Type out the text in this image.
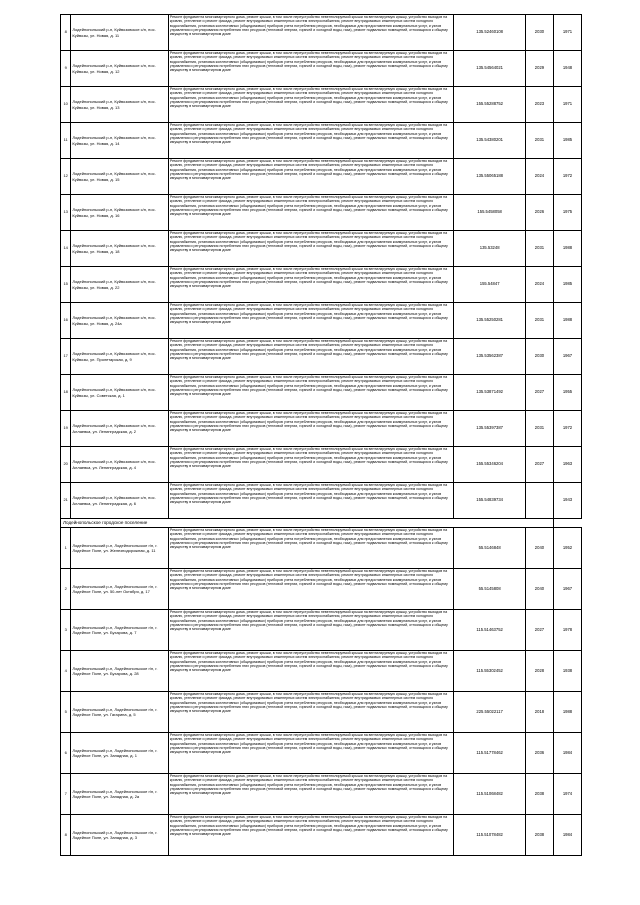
8	Лодейнопольский р-н, Куйвозовское с/п, пос. Куйвозы, ул. Новая, д. 11	Ремонт фундамента многоквартирного дома, ремонт крыши, в том числе переустройство невентилируемой крыши на вентилируемую крышу, устройство выходов на кровлю, утепление и ремонт фасада, ремонт внутридомовых инженерных систем электроснабжения, ремонт внутридомовых инженерных систем холодного водоснабжения, установка коллективных (общедомовых) приборов учета потребления ресурсов, необходимых для предоставления коммунальных услуг, и узлов управления и регулирования потребления этих ресурсов (тепловой энергии, горячей и холодной воды, газа), ремонт подвальных помещений, относящихся к общему имуществу в многоквартирном доме	135.52460108	2030	1971
9	Лодейнопольский р-н, Куйвозовское с/п, пос. Куйвозы, ул. Новая, д. 12	Ремонт фундамента многоквартирного дома, ремонт крыши, в том числе переустройство невентилируемой крыши на вентилируемую крышу, устройство выходов на кровлю, утепление и ремонт фасада, ремонт внутридомовых инженерных систем электроснабжения, ремонт внутридомовых инженерных систем холодного водоснабжения, установка коллективных (общедомовых) приборов учета потребления ресурсов, необходимых для предоставления коммунальных услуг, и узлов управления и регулирования потребления этих ресурсов (тепловой энергии, горячей и холодной воды, газа), ремонт подвальных помещений, относящихся к общему имуществу в многоквартирном доме	135.54564021	2029	1948
10	Лодейнопольский р-н, Куйвозовское с/п, пос. Куйвозы, ул. Новая, д. 13	Ремонт фундамента многоквартирного дома, ремонт крыши, в том числе переустройство невентилируемой крыши на вентилируемую крышу, устройство выходов на кровлю, утепление и ремонт фасада, ремонт внутридомовых инженерных систем электроснабжения, ремонт внутридомовых инженерных систем холодного водоснабжения, установка коллективных (общедомовых) приборов учета потребления ресурсов, необходимых для предоставления коммунальных услуг, и узлов управления и регулирования потребления этих ресурсов (тепловой энергии, горячей и холодной воды, газа), ремонт подвальных помещений, относящихся к общему имуществу в многоквартирном доме	155.55288752	2023	1971
11	Лодейнопольский р-н, Куйвозовское с/п, пос. Куйвозы, ул. Новая, д. 14	Ремонт фундамента многоквартирного дома, ремонт крыши, в том числе переустройство невентилируемой крыши на вентилируемую крышу, устройство выходов на кровлю, утепление и ремонт фасада, ремонт внутридомовых инженерных систем электроснабжения, ремонт внутридомовых инженерных систем холодного водоснабжения, установка коллективных (общедомовых) приборов учета потребления ресурсов, необходимых для предоставления коммунальных услуг, и узлов управления и регулирования потребления этих ресурсов (тепловой энергии, горячей и холодной воды, газа), ремонт подвальных помещений, относящихся к общему имуществу в многоквартирном доме	135.54380201	2031	1985
12	Лодейнопольский р-н, Куйвозовское с/п, пос. Куйвозы, ул. Новая, д. 15	Ремонт фундамента многоквартирного дома, ремонт крыши, в том числе переустройство невентилируемой крыши на вентилируемую крышу, устройство выходов на кровлю, утепление и ремонт фасада, ремонт внутридомовых инженерных систем электроснабжения, ремонт внутридомовых инженерных систем холодного водоснабжения, установка коллективных (общедомовых) приборов учета потребления ресурсов, необходимых для предоставления коммунальных услуг, и узлов управления и регулирования потребления этих ресурсов (тепловой энергии, горячей и холодной воды, газа), ремонт подвальных помещений, относящихся к общему имуществу в многоквартирном доме	135.55065188	2024	1972
13	Лодейнопольский р-н, Куйвозовское с/п, пос. Куйвозы, ул. Новая, д. 16	Ремонт фундамента многоквартирного дома, ремонт крыши, в том числе переустройство невентилируемой крыши на вентилируемую крышу, устройство выходов на кровлю, утепление и ремонт фасада, ремонт внутридомовых инженерных систем электроснабжения, ремонт внутридомовых инженерных систем холодного водоснабжения, установка коллективных (общедомовых) приборов учета потребления ресурсов, необходимых для предоставления коммунальных услуг, и узлов управления и регулирования потребления этих ресурсов (тепловой энергии, горячей и холодной воды, газа), ремонт подвальных помещений, относящихся к общему имуществу в многоквартирном доме	155.5458058	2026	1975
14	Лодейнопольский р-н, Куйвозовское с/п, пос. Куйвозы, ул. Новая, д. 18	Ремонт фундамента многоквартирного дома, ремонт крыши, в том числе переустройство невентилируемой крыши на вентилируемую крышу, устройство выходов на кровлю, утепление и ремонт фасада, ремонт внутридомовых инженерных систем электроснабжения, ремонт внутридомовых инженерных систем холодного водоснабжения, установка коллективных (общедомовых) приборов учета потребления ресурсов, необходимых для предоставления коммунальных услуг, и узлов управления и регулирования потребления этих ресурсов (тепловой энергии, горячей и холодной воды, газа), ремонт подвальных помещений, относящихся к общему имуществу в многоквартирном доме	135.53248	2031	1988
15	Лодейнопольский р-н, Куйвозовское с/п, пос. Куйвозы, ул. Новая, д. 22	Ремонт фундамента многоквартирного дома, ремонт крыши, в том числе переустройство невентилируемой крыши на вентилируемую крышу, устройство выходов на кровлю, утепление и ремонт фасада, ремонт внутридомовых инженерных систем электроснабжения, ремонт внутридомовых инженерных систем холодного водоснабжения, установка коллективных (общедомовых) приборов учета потребления ресурсов, необходимых для предоставления коммунальных услуг, и узлов управления и регулирования потребления этих ресурсов (тепловой энергии, горячей и холодной воды, газа), ремонт подвальных помещений, относящихся к общему имуществу в многоквартирном доме	155.54847	2024	1985
16	Лодейнопольский р-н, Куйвозовское с/п, пос. Куйвозы, ул. Новая, д. 24а	Ремонт фундамента многоквартирного дома, ремонт крыши, в том числе переустройство невентилируемой крыши на вентилируемую крышу, устройство выходов на кровлю, утепление и ремонт фасада, ремонт внутридомовых инженерных систем электроснабжения, ремонт внутридомовых инженерных систем холодного водоснабжения, установка коллективных (общедомовых) приборов учета потребления ресурсов, необходимых для предоставления коммунальных услуг, и узлов управления и регулирования потребления этих ресурсов (тепловой энергии, горячей и холодной воды, газа), ремонт подвальных помещений, относящихся к общему имуществу в многоквартирном доме	135.55250281	2031	1988
17	Лодейнопольский р-н, Куйвозовское с/п, пос. Куйвозы, ул. Пролетарская, д. 9	Ремонт фундамента многоквартирного дома, ремонт крыши, в том числе переустройство невентилируемой крыши на вентилируемую крышу, устройство выходов на кровлю, утепление и ремонт фасада, ремонт внутридомовых инженерных систем электроснабжения, ремонт внутридомовых инженерных систем холодного водоснабжения, установка коллективных (общедомовых) приборов учета потребления ресурсов, необходимых для предоставления коммунальных услуг, и узлов управления и регулирования потребления этих ресурсов (тепловой энергии, горячей и холодной воды, газа), ремонт подвальных помещений, относящихся к общему имуществу в многоквартирном доме	135.53562387	2030	1967
18	Лодейнопольский р-н, Куйвозовское с/п, пос. Куйвозы, ул. Советская, д. 1	Ремонт фундамента многоквартирного дома, ремонт крыши, в том числе переустройство невентилируемой крыши на вентилируемую крышу, устройство выходов на кровлю, утепление и ремонт фасада, ремонт внутридомовых инженерных систем электроснабжения, ремонт внутридомовых инженерных систем холодного водоснабжения, установка коллективных (общедомовых) приборов учета потребления ресурсов, необходимых для предоставления коммунальных услуг, и узлов управления и регулирования потребления этих ресурсов (тепловой энергии, горячей и холодной воды, газа), ремонт подвальных помещений, относящихся к общему имуществу в многоквартирном доме	135.53871492	2027	1955
19	Лодейнопольский р-н, Куйвозовское с/п, пос. Аллаевка, ул. Ленинградская, д. 2	Ремонт фундамента многоквартирного дома, ремонт крыши, в том числе переустройство невентилируемой крыши на вентилируемую крышу, устройство выходов на кровлю, утепление и ремонт фасада, ремонт внутридомовых инженерных систем электроснабжения, ремонт внутридомовых инженерных систем холодного водоснабжения, установка коллективных (общедомовых) приборов учета потребления ресурсов, необходимых для предоставления коммунальных услуг, и узлов управления и регулирования потребления этих ресурсов (тепловой энергии, горячей и холодной воды, газа), ремонт подвальных помещений, относящихся к общему имуществу в многоквартирном доме	135.55397387	2031	1972
20	Лодейнопольский р-н, Куйвозовское с/п, пос. Аллаевка, ул. Ленинградская, д. 4	Ремонт фундамента многоквартирного дома, ремонт крыши, в том числе переустройство невентилируемой крыши на вентилируемую крышу, устройство выходов на кровлю, утепление и ремонт фасада, ремонт внутридомовых инженерных систем электроснабжения, ремонт внутридомовых инженерных систем холодного водоснабжения, установка коллективных (общедомовых) приборов учета потребления ресурсов, необходимых для предоставления коммунальных услуг, и узлов управления и регулирования потребления этих ресурсов (тепловой энергии, горячей и холодной воды, газа), ремонт подвальных помещений, относящихся к общему имуществу в многоквартирном доме	155.55346204	2027	1963
21	Лодейнопольский р-н, Куйвозовское с/п, пос. Аллаевка, ул. Ленинградская, д. 6	Ремонт фундамента многоквартирного дома, ремонт крыши, в том числе переустройство невентилируемой крыши на вентилируемую крышу, устройство выходов на кровлю, утепление и ремонт фасада, ремонт внутридомовых инженерных систем электроснабжения, ремонт внутридомовых инженерных систем холодного водоснабжения, установка коллективных (общедомовых) приборов учета потребления ресурсов, необходимых для предоставления коммунальных услуг, и узлов управления и регулирования потребления этих ресурсов (тепловой энергии, горячей и холодной воды, газа), ремонт подвальных помещений, относящихся к общему имуществу в многоквартирном доме	155.54839734		1943
Лодейнопольское городское поселение					
1	Лодейнопольский р-н, Лодейнопольское г/п, г. Лодейное Поле, ул. Железнодорожная, д. 11	Ремонт фундамента многоквартирного дома, ремонт крыши, в том числе переустройство невентилируемой крыши на вентилируемую крышу, устройство выходов на кровлю, утепление и ремонт фасада, ремонт внутридомовых инженерных систем электроснабжения, ремонт внутридомовых инженерных систем холодного водоснабжения, установка коллективных (общедомовых) приборов учета потребления ресурсов, необходимых для предоставления коммунальных услуг, и узлов управления и регулирования потребления этих ресурсов (тепловой энергии, горячей и холодной воды, газа), ремонт подвальных помещений, относящихся к общему имуществу в многоквартирном доме	55.5146848	2040	1952
2	Лодейнопольский р-н, Лодейнопольское г/п, г. Лодейное Поле, ул. 50-лет Октября, д. 17	Ремонт фундамента многоквартирного дома, ремонт крыши, в том числе переустройство невентилируемой крыши на вентилируемую крышу, устройство выходов на кровлю, утепление и ремонт фасада, ремонт внутридомовых инженерных систем электроснабжения, ремонт внутридомовых инженерных систем холодного водоснабжения, установка коллективных (общедомовых) приборов учета потребления ресурсов, необходимых для предоставления коммунальных услуг, и узлов управления и регулирования потребления этих ресурсов (тепловой энергии, горячей и холодной воды, газа), ремонт подвальных помещений, относящихся к общему имуществу в многоквартирном доме	55.5145808	2040	1967
3	Лодейнопольский р-н, Лодейнопольское г/п, г. Лодейное Поле, ул. Бухарова, д. 7	Ремонт фундамента многоквартирного дома, ремонт крыши, в том числе переустройство невентилируемой крыши на вентилируемую крышу, устройство выходов на кровлю, утепление и ремонт фасада, ремонт внутридомовых инженерных систем электроснабжения, ремонт внутридомовых инженерных систем холодного водоснабжения, установка коллективных (общедомовых) приборов учета потребления ресурсов, необходимых для предоставления коммунальных услуг, и узлов управления и регулирования потребления этих ресурсов (тепловой энергии, горячей и холодной воды, газа), ремонт подвальных помещений, относящихся к общему имуществу в многоквартирном доме	115.51463752	2027	1978
4	Лодейнопольский р-н, Лодейнопольское г/п, г. Лодейное Поле, ул. Бухарова, д. 28	Ремонт фундамента многоквартирного дома, ремонт крыши, в том числе переустройство невентилируемой крыши на вентилируемую крышу, устройство выходов на кровлю, утепление и ремонт фасада, ремонт внутридомовых инженерных систем электроснабжения, ремонт внутридомовых инженерных систем холодного водоснабжения, установка коллективных (общедомовых) приборов учета потребления ресурсов, необходимых для предоставления коммунальных услуг, и узлов управления и регулирования потребления этих ресурсов (тепловой энергии, горячей и холодной воды, газа), ремонт подвальных помещений, относящихся к общему имуществу в многоквартирном доме	115.55302452	2028	1938
5	Лодейнопольский р-н, Лодейнопольское г/п, г. Лодейное Поле, ул. Гагарина, д. 5	Ремонт фундамента многоквартирного дома, ремонт крыши, в том числе переустройство невентилируемой крыши на вентилируемую крышу, устройство выходов на кровлю, утепление и ремонт фасада, ремонт внутридомовых инженерных систем электроснабжения, ремонт внутридомовых инженерных систем холодного водоснабжения, установка коллективных (общедомовых) приборов учета потребления ресурсов, необходимых для предоставления коммунальных услуг, и узлов управления и регулирования потребления этих ресурсов (тепловой энергии, горячей и холодной воды, газа), ремонт подвальных помещений, относящихся к общему имуществу в многоквартирном доме	225.55022117	2018	1988
6	Лодейнопольский р-н, Лодейнопольское г/п, г. Лодейное Поле, ул. Западная, д. 1	Ремонт фундамента многоквартирного дома, ремонт крыши, в том числе переустройство невентилируемой крыши на вентилируемую крышу, устройство выходов на кровлю, утепление и ремонт фасада, ремонт внутридомовых инженерных систем электроснабжения, ремонт внутридомовых инженерных систем холодного водоснабжения, установка коллективных (общедомовых) приборов учета потребления ресурсов, необходимых для предоставления коммунальных услуг, и узлов управления и регулирования потребления этих ресурсов (тепловой энергии, горячей и холодной воды, газа), ремонт подвальных помещений, относящихся к общему имуществу в многоквартирном доме	115.51778462	2036	1984
7	Лодейнопольский р-н, Лодейнопольское г/п, г. Лодейное Поле, ул. Западная, д. 2а	Ремонт фундамента многоквартирного дома, ремонт крыши, в том числе переустройство невентилируемой крыши на вентилируемую крышу, устройство выходов на кровлю, утепление и ремонт фасада, ремонт внутридомовых инженерных систем электроснабжения, ремонт внутридомовых инженерных систем холодного водоснабжения, установка коллективных (общедомовых) приборов учета потребления ресурсов, необходимых для предоставления коммунальных услуг, и узлов управления и регулирования потребления этих ресурсов (тепловой энергии, горячей и холодной воды, газа), ремонт подвальных помещений, относящихся к общему имуществу в многоквартирном доме	115.51068482	2038	1974
8	Лодейнопольский р-н, Лодейнопольское г/п, г. Лодейное Поле, ул. Западная, д. 3	Ремонт фундамента многоквартирного дома, ремонт крыши, в том числе переустройство невентилируемой крыши на вентилируемую крышу, устройство выходов на кровлю, утепление и ремонт фасада, ремонт внутридомовых инженерных систем электроснабжения, ремонт внутридомовых инженерных систем холодного водоснабжения, установка коллективных (общедомовых) приборов учета потребления ресурсов, необходимых для предоставления коммунальных услуг, и узлов управления и регулирования потребления этих ресурсов (тепловой энергии, горячей и холодной воды, газа), ремонт подвальных помещений, относящихся к общему имуществу в многоквартирном доме	115.51078482	2038	1984
